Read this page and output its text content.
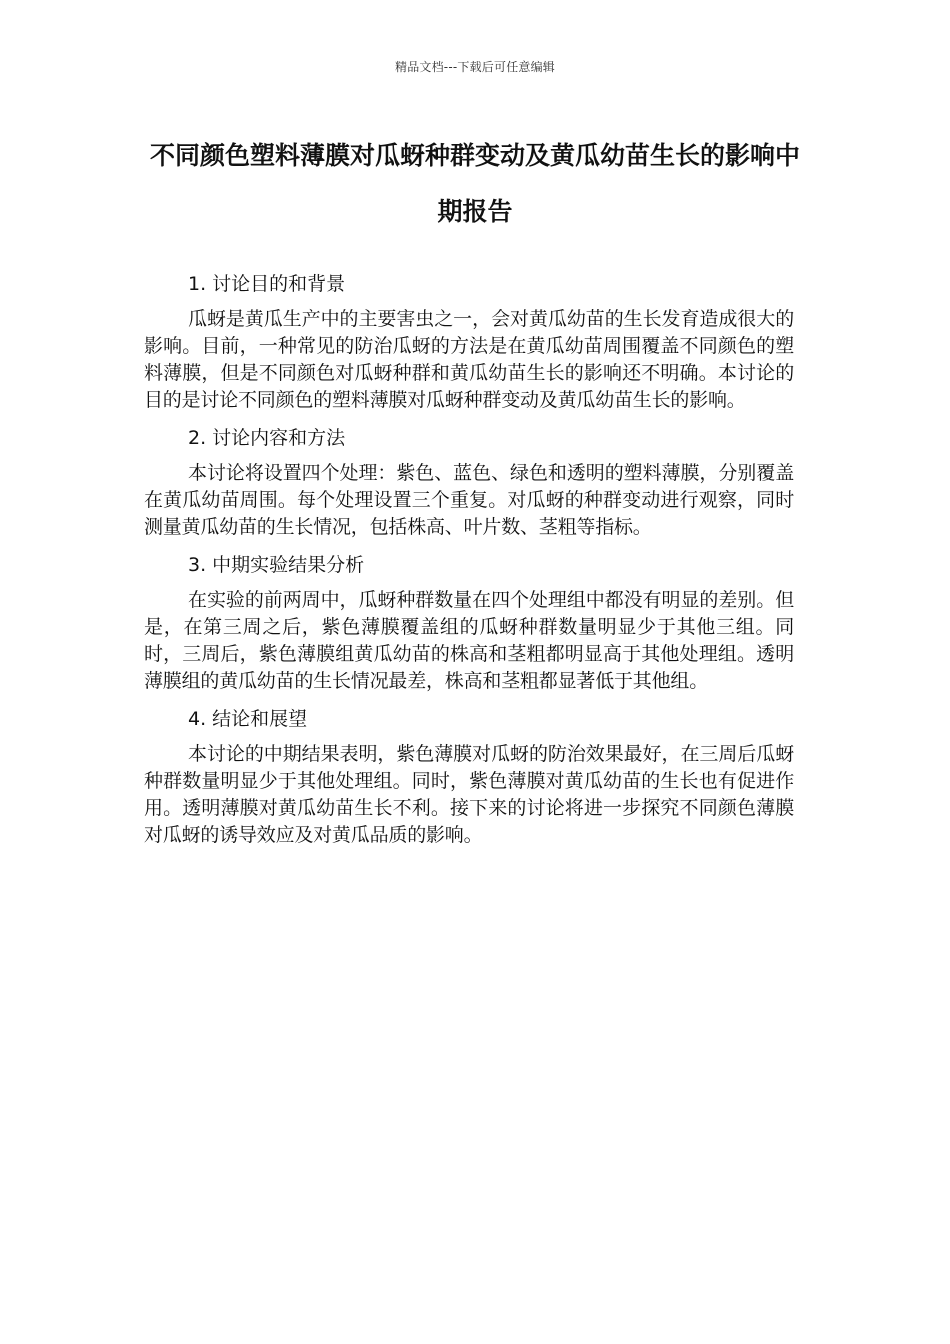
精品文档---下载后可任意编辑
不同颜色塑料薄膜对瓜蚜种群变动及黄瓜幼苗生长的影响中期报告
1. 讨论目的和背景

瓜蚜是黄瓜生产中的主要害虫之一，会对黄瓜幼苗的生长发育造成很大的影响。目前，一种常见的防治瓜蚜的方法是在黄瓜幼苗周围覆盖不同颜色的塑料薄膜，但是不同颜色对瓜蚜种群和黄瓜幼苗生长的影响还不明确。本讨论的目的是讨论不同颜色的塑料薄膜对瓜蚜种群变动及黄瓜幼苗生长的影响。

2. 讨论内容和方法

本讨论将设置四个处理：紫色、蓝色、绿色和透明的塑料薄膜，分别覆盖在黄瓜幼苗周围。每个处理设置三个重复。对瓜蚜的种群变动进行观察，同时测量黄瓜幼苗的生长情况，包括株高、叶片数、茎粗等指标。

3. 中期实验结果分析

在实验的前两周中，瓜蚜种群数量在四个处理组中都没有明显的差别。但是，在第三周之后，紫色薄膜覆盖组的瓜蚜种群数量明显少于其他三组。同时，三周后，紫色薄膜组黄瓜幼苗的株高和茎粗都明显高于其他处理组。透明薄膜组的黄瓜幼苗的生长情况最差，株高和茎粗都显著低于其他组。

4. 结论和展望

本讨论的中期结果表明，紫色薄膜对瓜蚜的防治效果最好，在三周后瓜蚜种群数量明显少于其他处理组。同时，紫色薄膜对黄瓜幼苗的生长也有促进作用。透明薄膜对黄瓜幼苗生长不利。接下来的讨论将进一步探究不同颜色薄膜对瓜蚜的诱导效应及对黄瓜品质的影响。
